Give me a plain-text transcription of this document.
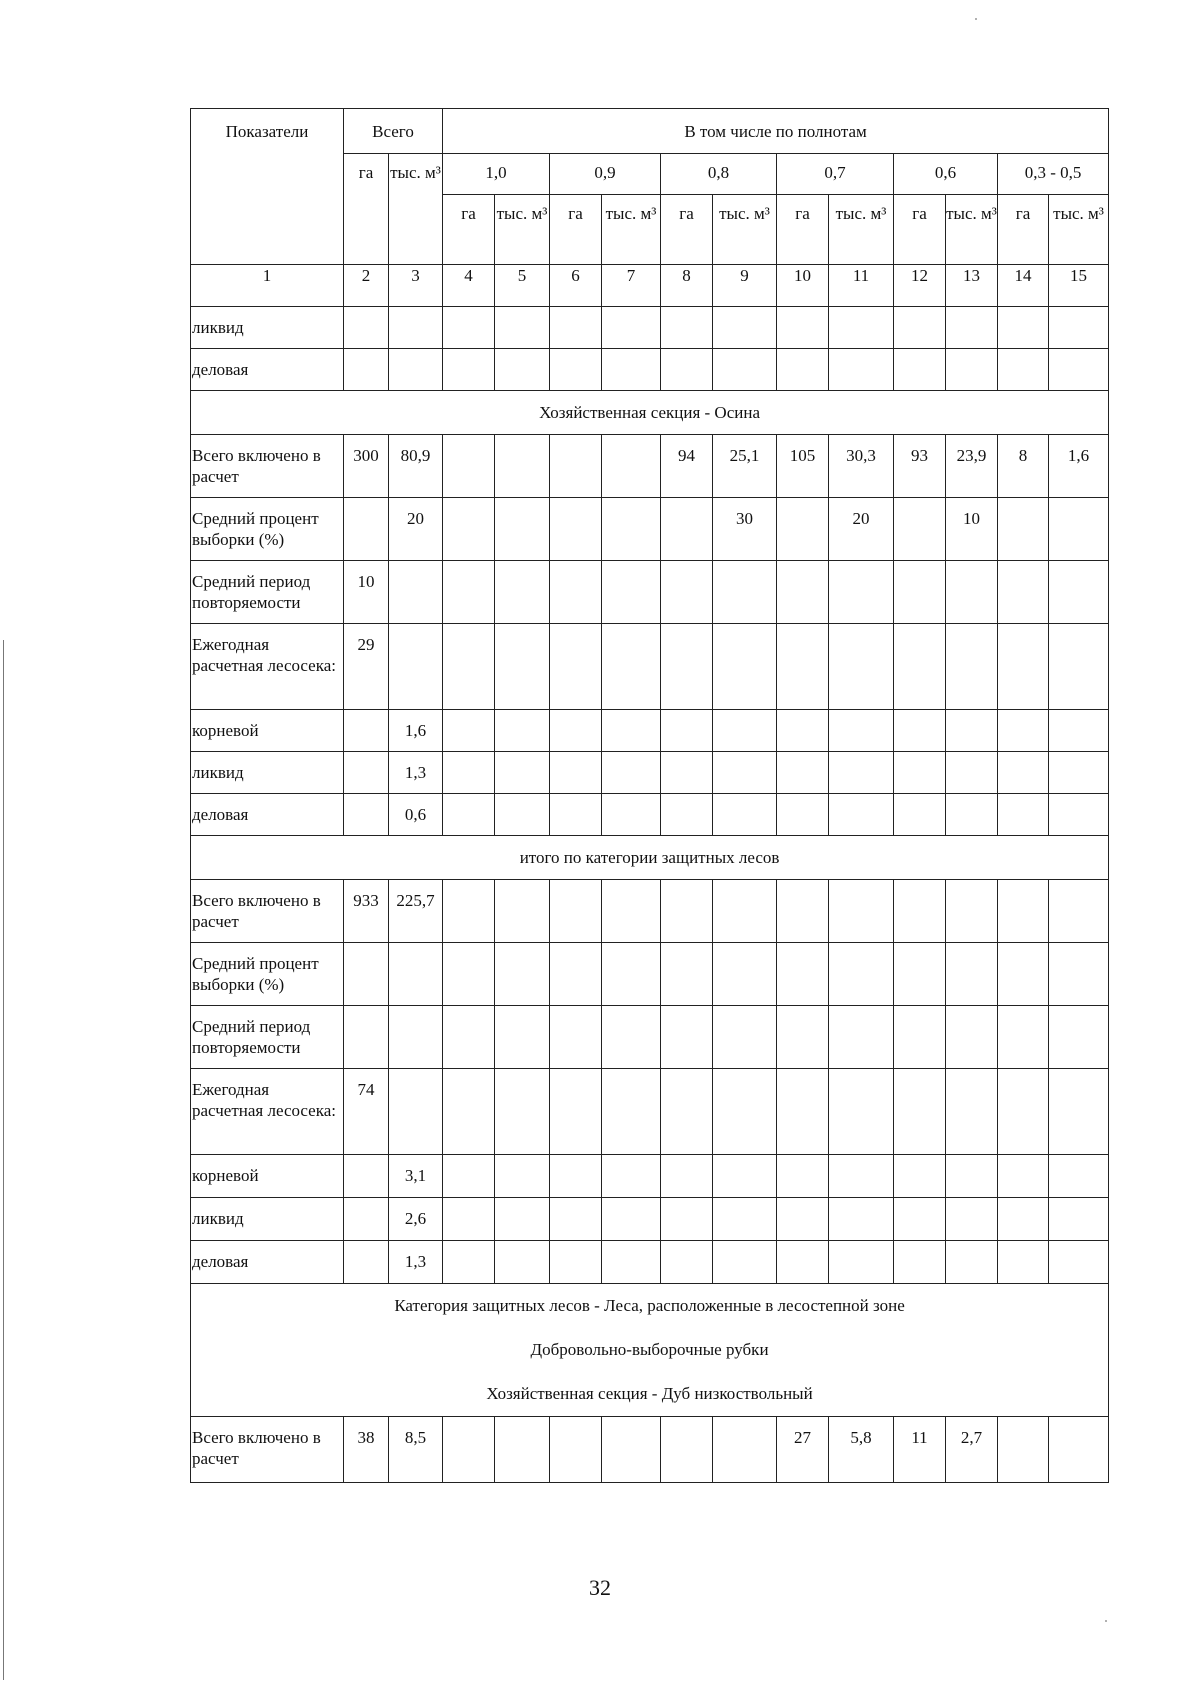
Показатели	Всего		В том числе по полнотам											
	га	тыс. м³	1,0		0,9		0,8		0,7		0,6		0,3 - 0,5	
			га	тыс. м³	га	тыс. м³	га	тыс. м³	га	тыс. м³	га	тыс. м³	га	тыс. м³
1	2	3	4	5	6	7	8	9	10	11	12	13	14	15
ликвид														
деловая														
Хозяйственная секция - Осина														
Всего включено в расчет	300	80,9					94	25,1	105	30,3	93	23,9	8	1,6
Средний процент выборки (%)		20						30		20		10		
Средний период повторяемости	10													
Ежегодная расчетная лесосека:	29													
корневой		1,6												
ликвид		1,3												
деловая		0,6												
итого по категории защитных лесов														
Всего включено в расчет	933	225,7												
Средний процент выборки (%)														
Средний период повторяемости														
Ежегодная расчетная лесосека:	74													
корневой		3,1												
ликвид		2,6												
деловая		1,3												

Категория защитных лесов - Леса, расположенные в лесостепной зоне
Добровольно-выборочные рубки
Хозяйственная секция - Дуб низкоствольный														

Всего включено в расчет	38	8,5							27	5,8	11	2,7		
32
